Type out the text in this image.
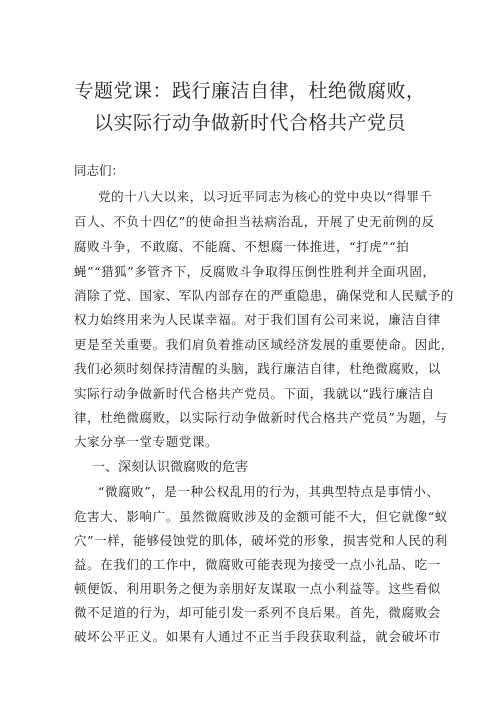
专题党课：践行廉洁自律，杜绝微腐败，
以实际行动争做新时代合格共产党员
同志们：
党的十八大以来，以习近平同志为核心的党中央以“得罪千
百人、不负十四亿”的使命担当祛病治乱，开展了史无前例的反
腐败斗争，不敢腐、不能腐、不想腐一体推进，“打虎”“拍
蝇”“猎狐”多管齐下，反腐败斗争取得压倒性胜利并全面巩固，
消除了党、国家、军队内部存在的严重隐患，确保党和人民赋予的
权力始终用来为人民谋幸福。对于我们国有公司来说，廉洁自律
更是至关重要。我们肩负着推动区域经济发展的重要使命。因此，
我们必须时刻保持清醒的头脑，践行廉洁自律，杜绝微腐败，以
实际行动争做新时代合格共产党员。下面，我就以“践行廉洁自
律，杜绝微腐败，以实际行动争做新时代合格共产党员”为题，与
大家分享一堂专题党课。
一、深刻认识微腐败的危害
“微腐败”，是一种公权乱用的行为，其典型特点是事情小、
危害大、影响广。虽然微腐败涉及的金额可能不大，但它就像“蚁
穴”一样，能够侵蚀党的肌体，破坏党的形象，损害党和人民的利
益。在我们的工作中，微腐败可能表现为接受一点小礼品、吃一
顿便饭、利用职务之便为亲朋好友谋取一点小利益等。这些看似
微不足道的行为，却可能引发一系列不良后果。首先，微腐败会
破坏公平正义。如果有人通过不正当手段获取利益，就会破坏市
